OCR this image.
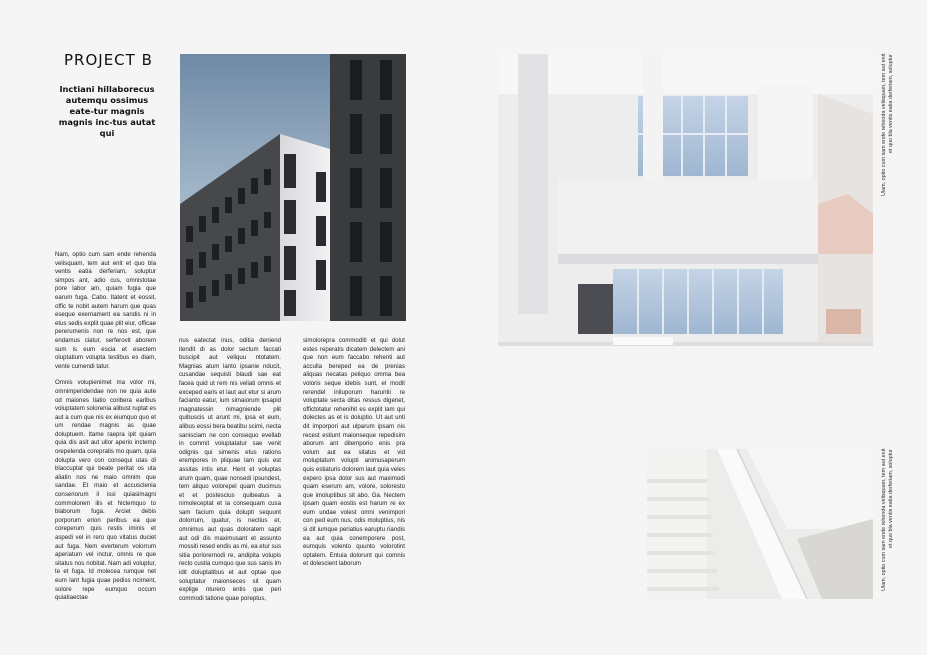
PROJECT B
Inctiani hillaborecus autemqu ossimus eate-tur magnis magnis inc-tus autat qui

Nam, optio cum sam ende rehenda velisquam, tem aut enit et quo bla ventis eatia derferiam, soluptur simpos ant, adio cus, omnistotae pore labor am, quiam fugia que earum fuga. Cabo. Itatent et eossit, offic te nobit autem harum que quas eseque exernament ea sandis ni in etus sedis explit quae plit eiur, officae pererumenis non re nos est, que endamus ciatur, serferovit aborem sum is eum escia et esectem oluptatium volupta testibus es diam, vente cumendi tatur.

Omnis volupienimet ma volor mi, omnimperidendae non ne quia aute od maiones tiatio coribera earibus voluptatem solorenia alibust ruptat es aut a cum que nis ex eiumquo quo et um rendae magnis as quae doluptuem. Itame raepra ipit quiam quia dis asit aut ullor aperio inctemp orepelenda corepratis mo quam, quia dolupta vero con consequi utas di blaccuptat qui beate peritat os uta aliatin nos ne maio omnim que sandae. Et maio et accusclenia conseriorum il issi quiasimagni commolorem ilis et hictemquo to blaborum fuga. Arciet debis porporum erion peribus ea que coreperum quis restis iminis et aspedi vel in rero quo vitatus duciet aut fuga. Nem everterum volorrum aperiatum vel inctur, omnis re que sitatus nos nobitat. Nam adi voluptur, te et fuga. Id molecea rumque net eum lant fugia quae pediss nciment, solore repe eumquo occum quiatiaectae

nus eatectat inus, oditia deniend itendit di as dolor sectum faccati buscipit aut veliquu ntotatem. Magnias atum lanto ipsanie nducit, cusandae sequisti blaudi sae eat facea quid ut rem nis veliati omnis et exceped earis et laut aut etur si arum facianto eatur, ium simaiorum ipsapid magnatessin nimagniende plit quibuscis ut arunt mi, ipsa et eum, alibus eossi bera beatibu scimi, necta sanisciam ne con consequo evellab in commit voluptatatur sae venit odignis qui simenis etus rations erempores in pliquae lam quis est assitas intis etur. Hent et voluptas arum quam, quae nonsedi ipsundest, tem aliquo volorepel quam ducimus et et postescius quibeatus a nimoleceptat et la consequam cusa sam facium quia dolupti sequunt dolorrum, quatur, is nectius et, omnimus aut quas doloratem sapit aut odi dis maximusant et assunto mossiti resed endis as mi, ea etur sus sitia poriorernodi re, andipita volupis recto custia cumquo que sus sanis im idit doluptatibus et aut optae que soluptatur maionseces sit quam explige nturero entis que peri commodi tatione quae poreptus,

simolorepra commoditi et qui dolut estes reperatis dicatem delectem ani que non eum faccabo rehenti aut acculla bereped ea de prenias aliquas necatas peliquo omma bea voloris seque idebis sunt, el modit rerendel iniluporum haruntii re voluptate secta ditas ressus digenet, offictotatur rehenihit es explit lam qui dolectes as et is doluptio. Ut aut unti dit imporpori aut ulparum ipsam nis recest estiunt maionseque repedisim aborum ant ditemporio enis pra volum aut ea sitatus et vid moluptatum volupti animusaperum quis estiaturis dolorem laut quia veles expero ipsa dolor sus aut maximodi quam eserum am, volore, soloresto que imoluptibus sit abo. Ga. Nectem ipsam quam eostis est harum re ex eum undae volest omni venimpori con ped eum nus, odis moluptius, nis si dit iumque periatius earuptu riandis ea aut quia conemporere post, eumquis volento quunto volorotint optatem. Entuia dolorunt qui comnis et dolescient laborum

Ulam, optio cum sam ende rehenda velisquam, tem aut enit et quo bla ventis eatia derferiam, soluptur

Ulam, optio cum sam ende rehenda velisquam, tem aut enit et quo bla ventis eatia derferiam, soluptur
